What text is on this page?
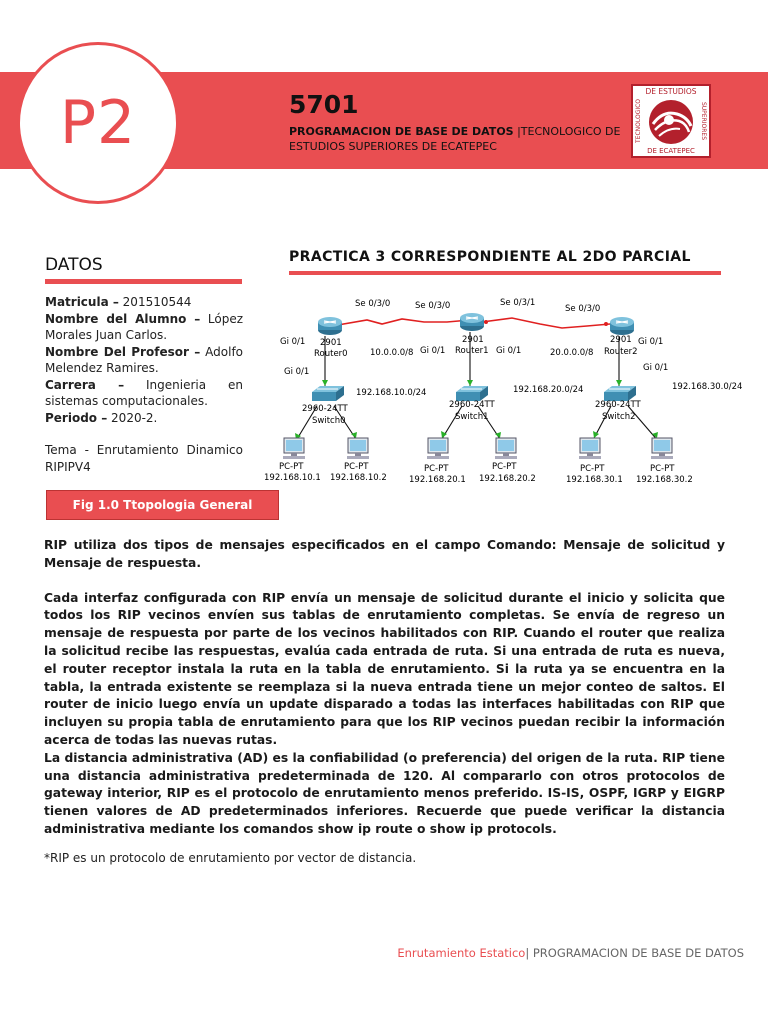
P2	5701
PROGRAMACION DE BASE DE DATOS |TECNOLOGICO DE ESTUDIOS SUPERIORES DE ECATEPEC
DE ESTUDIOS
DE ECATEPEC
TECNOLOGICO	SUPERIORES
DATOS

Matricula – 201510544

Nombre del Alumno – López Morales Juan Carlos.

Nombre Del Profesor – Adolfo Melendez Ramires.

Carrera – Ingenieria en sistemas computacionales.

Periodo – 2020-2.

Tema - Enrutamiento Dinamico RIPIPV4

PRACTICA 3 CORRESPONDIENTE AL 2DO PARCIAL
Se 0/3/0	Se 0/3/0	Se 0/3/1
Se 0/3/0
2901
Router0
2901
Router1
2901
Router2
Gi 0/1
Gi 0/1
Gi 0/1	Gi 0/1
Gi 0/1
Gi 0/1
10.0.0.0/8	20.0.0.0/8
192.168.10.0/24	192.168.20.0/24	192.168.30.0/24
2960-24TT
Switch0
2960-24TT
Switch1
2960-24TT
Switch2
PC-PT
192.168.10.1
PC-PT
192.168.10.2
PC-PT
192.168.20.1
PC-PT
192.168.20.2
PC-PT
192.168.30.1
PC-PT
192.168.30.2
Fig 1.0 Ttopologia General

RIP utiliza dos tipos de mensajes especificados en el campo Comando: Mensaje de solicitud y Mensaje de respuesta.

Cada interfaz configurada con RIP envía un mensaje de solicitud durante el inicio y solicita que todos los RIP vecinos envíen sus tablas de enrutamiento completas. Se envía de regreso un mensaje de respuesta por parte de los vecinos habilitados con RIP. Cuando el router que realiza la solicitud recibe las respuestas, evalúa cada entrada de ruta. Si una entrada de ruta es nueva, el router receptor instala la ruta en la tabla de enrutamiento. Si la ruta ya se encuentra en la tabla, la entrada existente se reemplaza si la nueva entrada tiene un mejor conteo de saltos. El router de inicio luego envía un update disparado a todas las interfaces habilitadas con RIP que incluyen su propia tabla de enrutamiento para que los RIP vecinos puedan recibir la información acerca de todas las nuevas rutas.

La distancia administrativa (AD) es la confiabilidad (o preferencia) del origen de la ruta. RIP tiene una distancia administrativa predeterminada de 120. Al compararlo con otros protocolos de gateway interior, RIP es el protocolo de enrutamiento menos preferido. IS-IS, OSPF, IGRP y EIGRP tienen valores de AD predeterminados inferiores. Recuerde que puede verificar la distancia administrativa mediante los comandos show ip route o show ip protocols.

*RIP es un protocolo de enrutamiento por vector de distancia.
Enrutamiento Estatico| PROGRAMACION DE BASE DE DATOS
